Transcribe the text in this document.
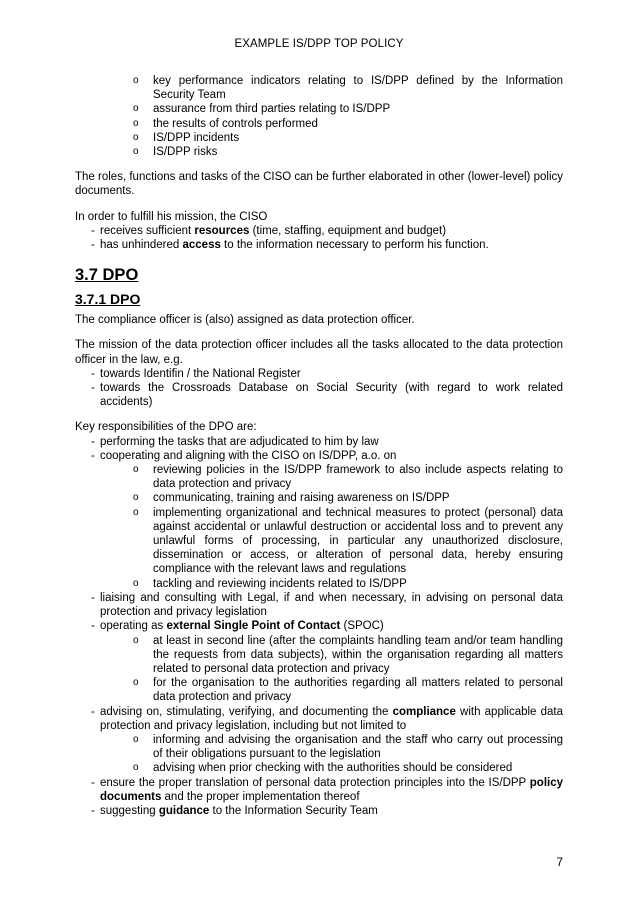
EXAMPLE IS/DPP TOP POLICY
o key performance indicators relating to IS/DPP defined by the Information Security Team
o assurance from third parties relating to IS/DPP
o the results of controls performed
o IS/DPP incidents
o IS/DPP risks
The roles, functions and tasks of the CISO can be further elaborated in other (lower-level) policy documents.
In order to fulfill his mission, the CISO
- receives sufficient resources (time, staffing, equipment and budget)
- has unhindered access to the information necessary to perform his function.
3.7 DPO
3.7.1 DPO
The compliance officer is (also) assigned as data protection officer.
The mission of the data protection officer includes all the tasks allocated to the data protection officer in the law, e.g.
- towards Identifin / the National Register
- towards the Crossroads Database on Social Security (with regard to work related accidents)
Key responsibilities of the DPO are:
- performing the tasks that are adjudicated to him by law
- cooperating and aligning with the CISO on IS/DPP, a.o. on
o reviewing policies in the IS/DPP framework to also include aspects relating to data protection and privacy
o communicating, training and raising awareness on IS/DPP
o implementing organizational and technical measures to protect (personal) data against accidental or unlawful destruction or accidental loss and to prevent any unlawful forms of processing, in particular any unauthorized disclosure, dissemination or access, or alteration of personal data, hereby ensuring compliance with the relevant laws and regulations
o tackling and reviewing incidents related to IS/DPP
- liaising and consulting with Legal, if and when necessary, in advising on personal data protection and privacy legislation
- operating as external Single Point of Contact (SPOC)
o at least in second line (after the complaints handling team and/or team handling the requests from data subjects), within the organisation regarding all matters related to personal data protection and privacy
o for the organisation to the authorities regarding all matters related to personal data protection and privacy
- advising on, stimulating, verifying, and documenting the compliance with applicable data protection and privacy legislation, including but not limited to
o informing and advising the organisation and the staff who carry out processing of their obligations pursuant to the legislation
o advising when prior checking with the authorities should be considered
- ensure the proper translation of personal data protection principles into the IS/DPP policy documents and the proper implementation thereof
- suggesting guidance to the Information Security Team
7
